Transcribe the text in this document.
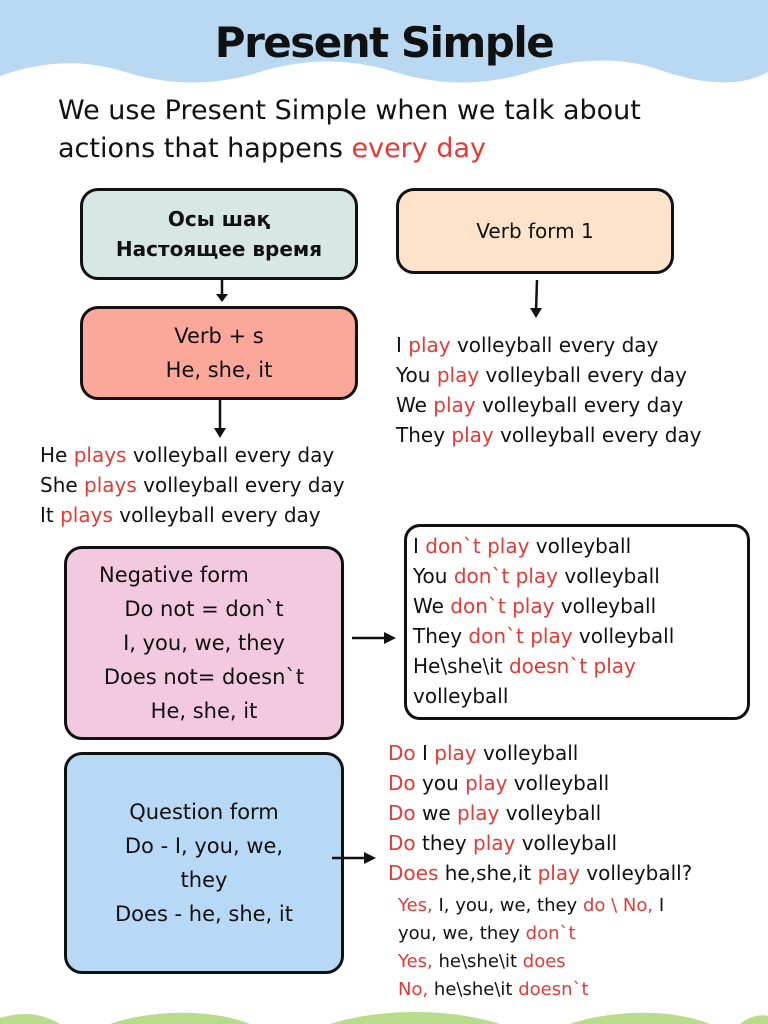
Present Simple
We use Present Simple when we talk about actions that happens every day
Осы шақ
Настоящее время
Verb form 1
Verb + s
He, she, it
I play volleyball every day
You play volleyball every day
We play volleyball every day
They play volleyball every day
He plays volleyball every day
She plays volleyball every day
It plays volleyball every day
Negative form
Do not = don`t
I, you, we, they
Does not= doesn`t
He, she, it
I don`t play volleyball
You don`t play volleyball
We don`t play volleyball
They don`t play volleyball
He\she\it doesn`t play
volleyball
Question form
Do - I, you, we,
they
Does - he, she, it
Do I play volleyball
Do you play volleyball
Do we play volleyball
Do they play volleyball
Does he,she,it play volleyball?
Yes, I, you, we, they do \ No, I
you, we, they don`t
Yes, he\she\it does
No, he\she\it doesn`t
